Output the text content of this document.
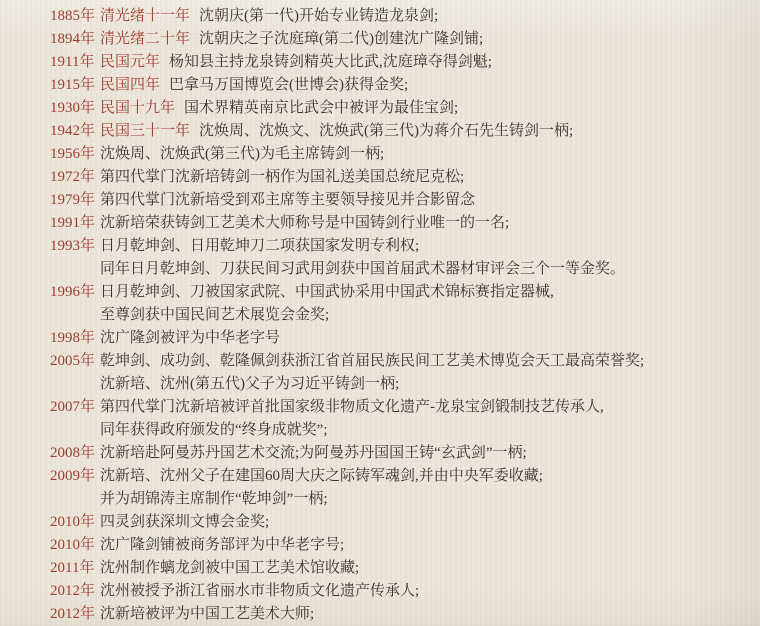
1885年 清光绪十一年 沈朝庆(第一代)开始专业铸造龙泉剑;
1894年 清光绪二十年 沈朝庆之子沈庭璋(第二代)创建沈广隆剑铺;
1911年 民国元年 杨知县主持龙泉铸剑精英大比武,沈庭璋夺得剑魁;
1915年 民国四年 巴拿马万国博览会(世博会)获得金奖;
1930年 民国十九年 国术界精英南京比武会中被评为最佳宝剑;
1942年 民国三十一年 沈焕周、沈焕文、沈焕武(第三代)为蒋介石先生铸剑一柄;
1956年 沈焕周、沈焕武(第三代)为毛主席铸剑一柄;
1972年 第四代掌门沈新培铸剑一柄作为国礼送美国总统尼克松;
1979年 第四代掌门沈新培受到邓主席等主要领导接见并合影留念
1991年 沈新培荣获铸剑工艺美术大师称号是中国铸剑行业唯一的一名;
1993年 日月乾坤剑、日用乾坤刀二项获国家发明专利权;
同年日月乾坤剑、刀获民间习武用剑获中国首届武术器材审评会三个一等金奖。
1996年 日月乾坤剑、刀被国家武院、中国武协采用中国武术锦标赛指定器械,
至尊剑获中国民间艺术展览会金奖;
1998年 沈广隆剑被评为中华老字号
2005年 乾坤剑、成功剑、乾隆佩剑获浙江省首届民族民间工艺美术博览会天工最高荣誉奖;
沈新培、沈州(第五代)父子为习近平铸剑一柄;
2007年 第四代掌门沈新培被评首批国家级非物质文化遗产-龙泉宝剑锻制技艺传承人,
同年获得政府颁发的“终身成就奖”;
2008年 沈新培赴阿曼苏丹国艺术交流;为阿曼苏丹国国王铸“玄武剑”一柄;
2009年 沈新培、沈州父子在建国60周大庆之际铸军魂剑,并由中央军委收藏;
并为胡锦涛主席制作“乾坤剑”一柄;
2010年 四灵剑获深圳文博会金奖;
2010年 沈广隆剑铺被商务部评为中华老字号;
2011年 沈州制作螭龙剑被中国工艺美术馆收藏;
2012年 沈州被授予浙江省丽水市非物质文化遗产传承人;
2012年 沈新培被评为中国工艺美术大师;
